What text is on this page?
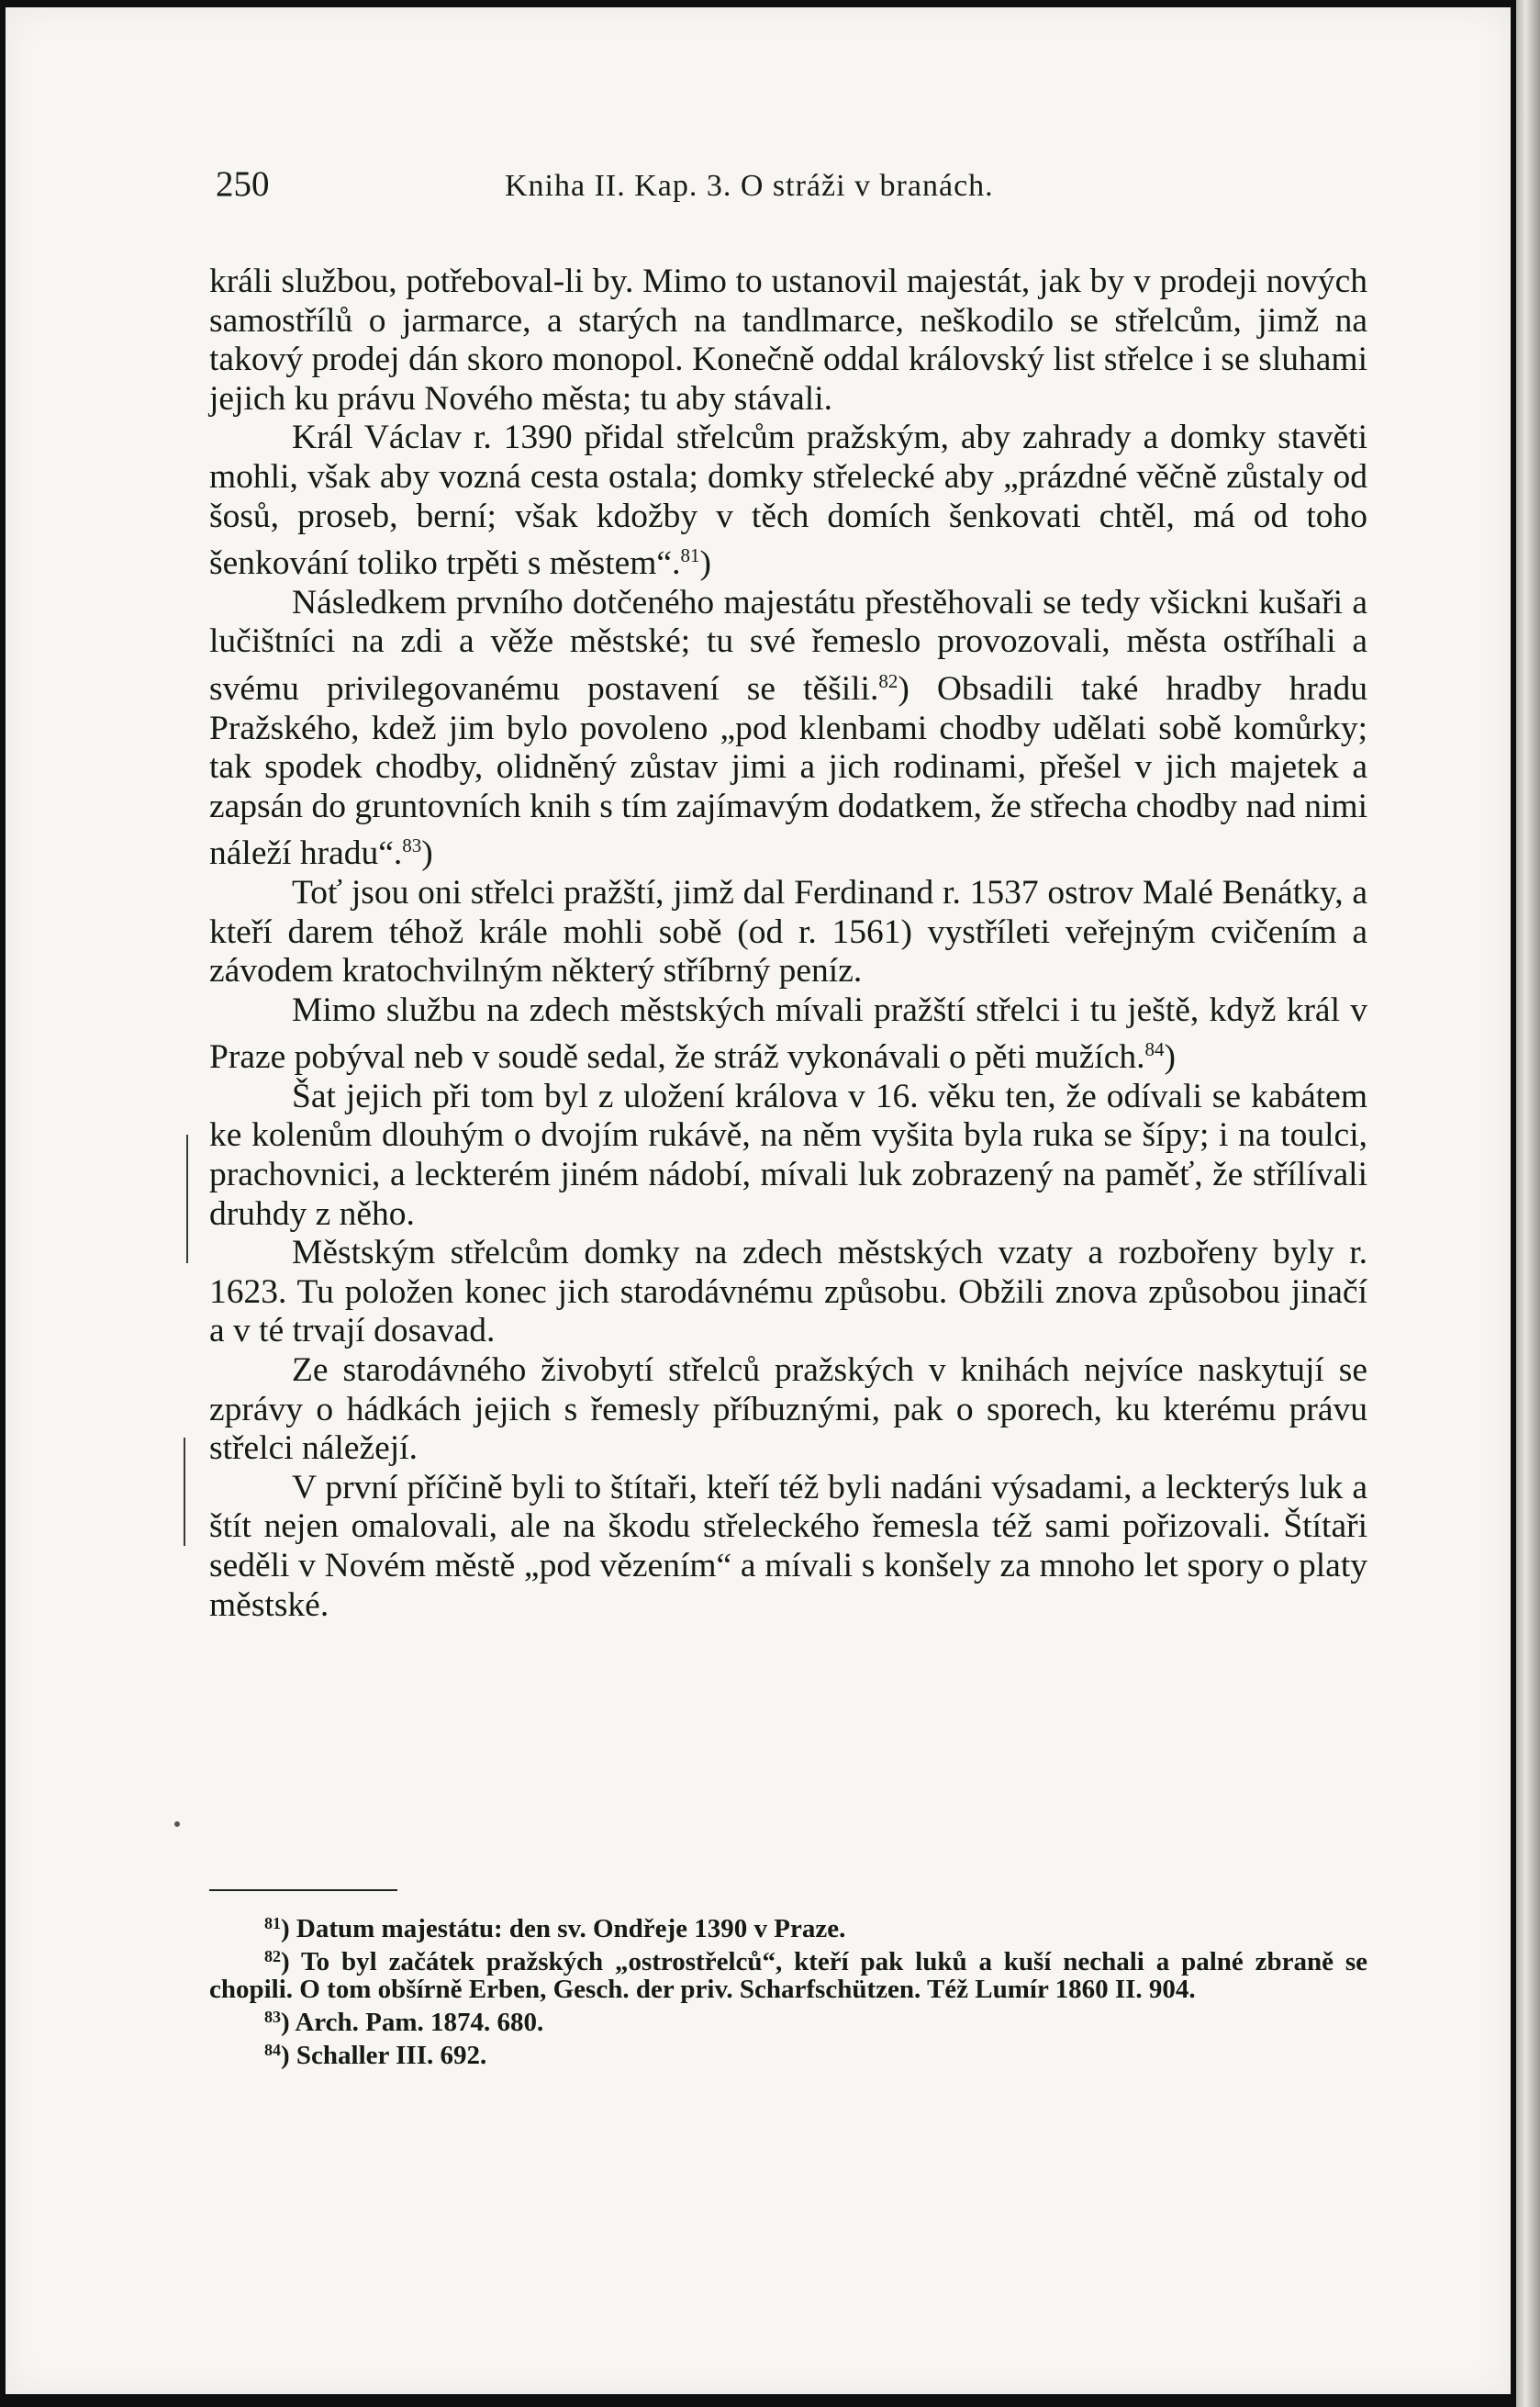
250	Kniha II. Kap. 3. O stráži v branách.

králi službou, potřeboval-li by. Mimo to ustanovil majestát, jak by v prodeji nových samostřílů o jarmarce, a starých na tandlmarce, neškodilo se střelcům, jimž na takový prodej dán skoro monopol. Konečně oddal královský list střelce i se sluhami jejich ku právu Nového města; tu aby stávali.

Král Václav r. 1390 přidal střelcům pražským, aby zahrady a domky stavěti mohli, však aby vozná cesta ostala; domky střelecké aby „prázdné věčně zůstaly od šosů, proseb, berní; však kdožby v těch domích šenkovati chtěl, má od toho šenkování toliko trpěti s městem“.$^{81}$)

Následkem prvního dotčeného majestátu přestěhovali se tedy všickni kušaři a lučištníci na zdi a věže městské; tu své řemeslo provozovali, města ostříhali a svému privilegovanému postavení se těšili.$^{82}$) Obsadili také hradby hradu Pražského, kdež jim bylo povoleno „pod klenbami chodby udělati sobě komůrky; tak spodek chodby, olidněný zůstav jimi a jich rodinami, přešel v jich majetek a zapsán do gruntovních knih s tím zajímavým dodatkem, že střecha chodby nad nimi náleží hradu“.$^{83}$)

Toť jsou oni střelci pražští, jimž dal Ferdinand r. 1537 ostrov Malé Benátky, a kteří darem téhož krále mohli sobě (od r. 1561) vystříleti veřejným cvičením a závodem kratochvilným některý stříbrný peníz.

Mimo službu na zdech městských mívali pražští střelci i tu ještě, když král v Praze pobýval neb v soudě sedal, že stráž vykonávali o pěti mužích.$^{84}$)

Šat jejich při tom byl z uložení králova v 16. věku ten, že odívali se kabátem ke kolenům dlouhým o dvojím rukávě, na něm vyšita byla ruka se šípy; i na toulci, prachovnici, a leckterém jiném nádobí, mívali luk zobrazený na paměť, že střílívali druhdy z něho.

Městským střelcům domky na zdech městských vzaty a rozbořeny byly r. 1623. Tu položen konec jich starodávnému způsobu. Obžili znova způsobou jinačí a v té trvají dosavad.

Ze starodávného živobytí střelců pražských v knihách nejvíce naskytují se zprávy o hádkách jejich s řemesly příbuznými, pak o sporech, ku kterému právu střelci náležejí.

V první příčině byli to štítaři, kteří též byli nadáni výsadami, a leckterýs luk a štít nejen omalovali, ale na škodu střeleckého řemesla též sami pořizovali. Štítaři seděli v Novém městě „pod vězením“ a mívali s konšely za mnoho let spory o platy městské.

$^{81}$) Datum majestátu: den sv. Ondřeje 1390 v Praze.

$^{82}$) To byl začátek pražských „ostrostřelců“, kteří pak luků a kuší nechali a palné zbraně se chopili. O tom obšírně Erben, Gesch. der priv. Scharfschützen. Též Lumír 1860 II. 904.

$^{83}$) Arch. Pam. 1874. 680.

$^{84}$) Schaller III. 692.
